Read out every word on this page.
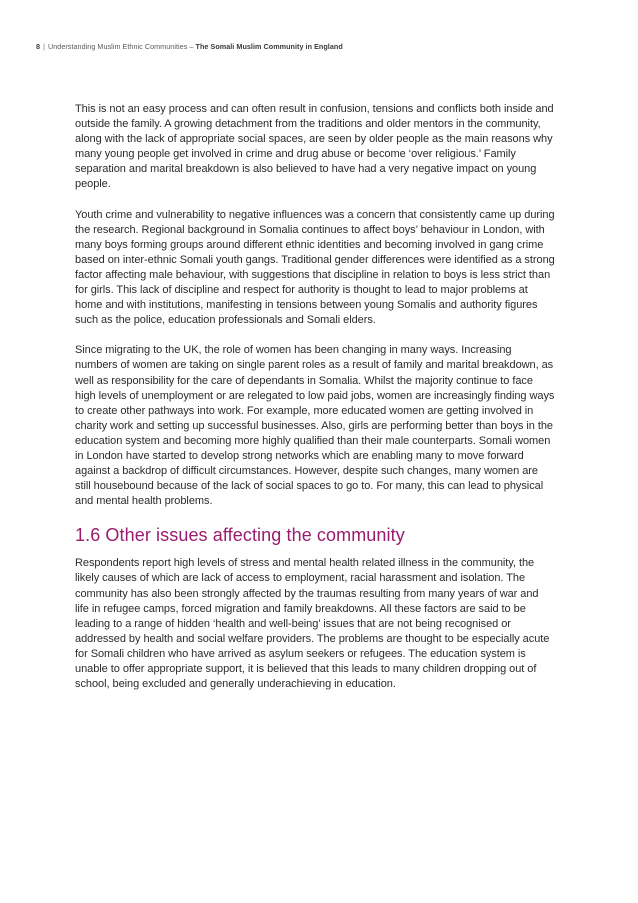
8 | Understanding Muslim Ethnic Communities – The Somali Muslim Community in England

This is not an easy process and can often result in confusion, tensions and conflicts both inside and outside the family. A growing detachment from the traditions and older mentors in the community, along with the lack of appropriate social spaces, are seen by older people as the main reasons why many young people get involved in crime and drug abuse or become ‘over religious.’ Family separation and marital breakdown is also believed to have had a very negative impact on young people.

Youth crime and vulnerability to negative influences was a concern that consistently came up during the research. Regional background in Somalia continues to affect boys’ behaviour in London, with many boys forming groups around different ethnic identities and becoming involved in gang crime based on inter-ethnic Somali youth gangs. Traditional gender differences were identified as a strong factor affecting male behaviour, with suggestions that discipline in relation to boys is less strict than for girls. This lack of discipline and respect for authority is thought to lead to major problems at home and with institutions, manifesting in tensions between young Somalis and authority figures such as the police, education professionals and Somali elders.

Since migrating to the UK, the role of women has been changing in many ways. Increasing numbers of women are taking on single parent roles as a result of family and marital breakdown, as well as responsibility for the care of dependants in Somalia. Whilst the majority continue to face high levels of unemployment or are relegated to low paid jobs, women are increasingly finding ways to create other pathways into work. For example, more educated women are getting involved in charity work and setting up successful businesses. Also, girls are performing better than boys in the education system and becoming more highly qualified than their male counterparts. Somali women in London have started to develop strong networks which are enabling many to move forward against a backdrop of difficult circumstances. However, despite such changes, many women are still housebound because of the lack of social spaces to go to. For many, this can lead to physical and mental health problems.

1.6 Other issues affecting the community

Respondents report high levels of stress and mental health related illness in the community, the likely causes of which are lack of access to employment, racial harassment and isolation. The community has also been strongly affected by the traumas resulting from many years of war and life in refugee camps, forced migration and family breakdowns. All these factors are said to be leading to a range of hidden ‘health and well-being’ issues that are not being recognised or addressed by health and social welfare providers. The problems are thought to be especially acute for Somali children who have arrived as asylum seekers or refugees. The education system is unable to offer appropriate support, it is believed that this leads to many children dropping out of school, being excluded and generally underachieving in education.
